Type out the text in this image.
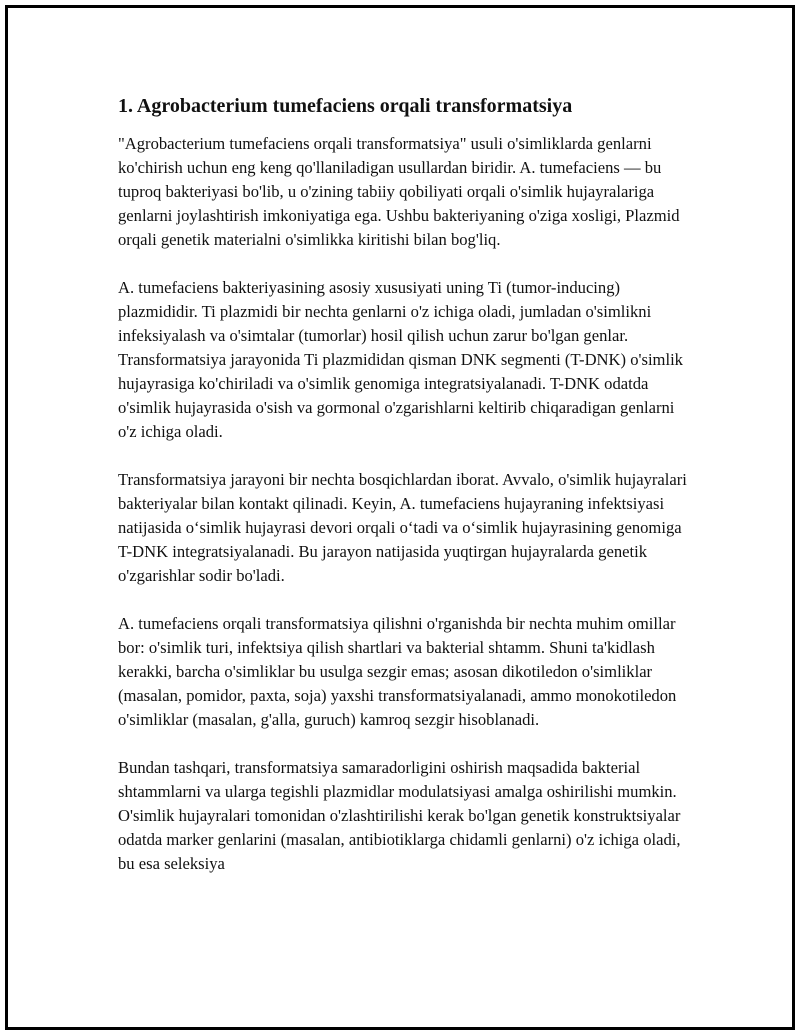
1. Agrobacterium tumefaciens orqali transformatsiya

"Agrobacterium tumefaciens orqali transformatsiya" usuli o'simliklarda genlarni ko'chirish uchun eng keng qo'llaniladigan usullardan biridir. A. tumefaciens — bu tuproq bakteriyasi bo'lib, u o'zining tabiiy qobiliyati orqali o'simlik hujayralariga genlarni joylashtirish imkoniyatiga ega. Ushbu bakteriyaning o'ziga xosligi, Plazmid orqali genetik materialni o'simlikka kiritishi bilan bog'liq.

A. tumefaciens bakteriyasining asosiy xususiyati uning Ti (tumor-inducing) plazmididir. Ti plazmidi bir nechta genlarni o'z ichiga oladi, jumladan o'simlikni infeksiyalash va o'simtalar (tumorlar) hosil qilish uchun zarur bo'lgan genlar. Transformatsiya jarayonida Ti plazmididan qisman DNK segmenti (T-DNK) o'simlik hujayrasiga ko'chiriladi va o'simlik genomiga integratsiyalanadi. T-DNK odatda o'simlik hujayrasida o'sish va gormonal o'zgarishlarni keltirib chiqaradigan genlarni o'z ichiga oladi.

Transformatsiya jarayoni bir nechta bosqichlardan iborat. Avvalo, o'simlik hujayralari bakteriyalar bilan kontakt qilinadi. Keyin, A. tumefaciens hujayraning infektsiyasi natijasida o‘simlik hujayrasi devori orqali o‘tadi va o‘simlik hujayrasining genomiga T-DNK integratsiyalanadi. Bu jarayon natijasida yuqtirgan hujayralarda genetik o'zgarishlar sodir bo'ladi.

A. tumefaciens orqali transformatsiya qilishni o'rganishda bir nechta muhim omillar bor: o'simlik turi, infektsiya qilish shartlari va bakterial shtamm. Shuni ta'kidlash kerakki, barcha o'simliklar bu usulga sezgir emas; asosan dikotiledon o'simliklar (masalan, pomidor, paxta, soja) yaxshi transformatsiyalanadi, ammo monokotiledon o'simliklar (masalan, g'alla, guruch) kamroq sezgir hisoblanadi.

Bundan tashqari, transformatsiya samaradorligini oshirish maqsadida bakterial shtammlarni va ularga tegishli plazmidlar modulatsiyasi amalga oshirilishi mumkin. O'simlik hujayralari tomonidan o'zlashtirilishi kerak bo'lgan genetik konstruktsiyalar odatda marker genlarini (masalan, antibiotiklarga chidamli genlarni) o'z ichiga oladi, bu esa seleksiya
